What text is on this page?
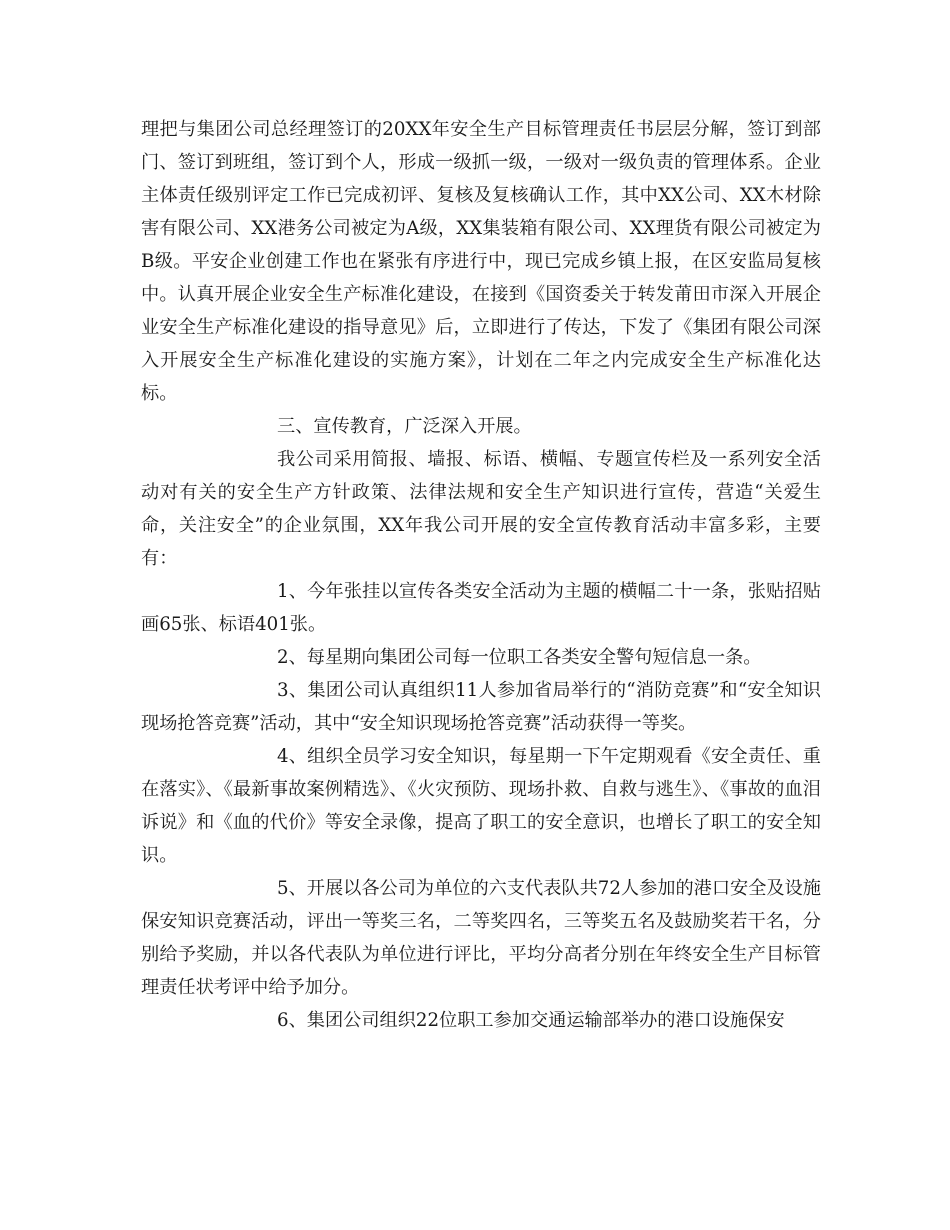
理把与集团公司总经理签订的20XX年安全生产目标管理责任书层层分解，签订到部门、签订到班组，签订到个人，形成一级抓一级，一级对一级负责的管理体系。企业主体责任级别评定工作已完成初评、复核及复核确认工作，其中XX公司、XX木材除害有限公司、XX港务公司被定为A级，XX集装箱有限公司、XX理货有限公司被定为B级。平安企业创建工作也在紧张有序进行中，现已完成乡镇上报，在区安监局复核中。认真开展企业安全生产标准化建设，在接到《国资委关于转发莆田市深入开展企业安全生产标准化建设的指导意见》后，立即进行了传达，下发了《集团有限公司深入开展安全生产标准化建设的实施方案》，计划在二年之内完成安全生产标准化达标。

三、宣传教育，广泛深入开展。

我公司采用简报、墙报、标语、横幅、专题宣传栏及一系列安全活动对有关的安全生产方针政策、法律法规和安全生产知识进行宣传，营造“关爱生命，关注安全”的企业氛围，XX年我公司开展的安全宣传教育活动丰富多彩，主要有：

1、今年张挂以宣传各类安全活动为主题的横幅二十一条，张贴招贴画65张、标语401张。

2、每星期向集团公司每一位职工各类安全警句短信息一条。

3、集团公司认真组织11人参加省局举行的“消防竞赛”和“安全知识现场抢答竞赛”活动，其中“安全知识现场抢答竞赛”活动获得一等奖。

4、组织全员学习安全知识，每星期一下午定期观看《安全责任、重在落实》、《最新事故案例精选》、《火灾预防、现场扑救、自救与逃生》、《事故的血泪诉说》和《血的代价》等安全录像，提高了职工的安全意识，也增长了职工的安全知识。

5、开展以各公司为单位的六支代表队共72人参加的港口安全及设施保安知识竞赛活动，评出一等奖三名，二等奖四名，三等奖五名及鼓励奖若干名，分别给予奖励，并以各代表队为单位进行评比，平均分高者分别在年终安全生产目标管理责任状考评中给予加分。

6、集团公司组织22位职工参加交通运输部举办的港口设施保安
